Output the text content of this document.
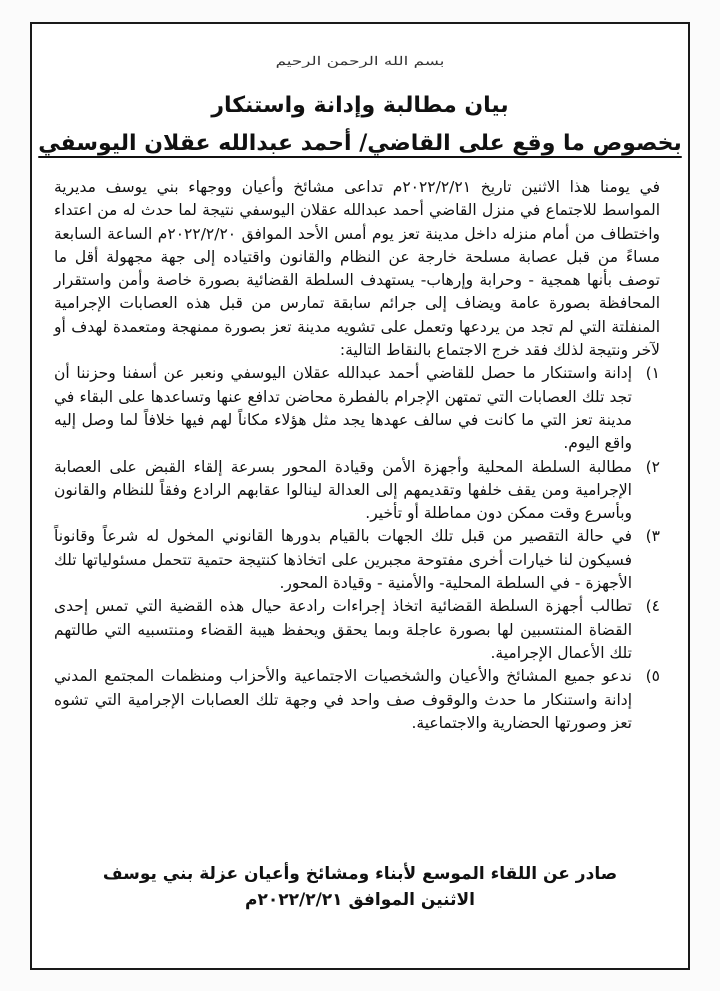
بسم الله الرحمن الرحيم
بيان مطالبة وإدانة واستنكار
بخصوص ما وقع على القاضي/ أحمد عبدالله عقلان اليوسفي

في يومنا هذا الاثنين تاريخ ٢٠٢٢/٢/٢١م تداعى مشائخ وأعيان ووجهاء بني يوسف مديرية المواسط للاجتماع في منزل القاضي أحمد عبدالله عقلان اليوسفي نتيجة لما حدث له من اعتداء واختطاف من أمام منزله داخل مدينة تعز يوم أمس الأحد الموافق ٢٠٢٢/٢/٢٠م الساعة السابعة مساءً من قبل عصابة مسلحة خارجة عن النظام والقانون واقتياده إلى جهة مجهولة أقل ما توصف بأنها همجية - وحرابة وإرهاب- يستهدف السلطة القضائية بصورة خاصة وأمن واستقرار المحافظة بصورة عامة ويضاف إلى جرائم سابقة تمارس من قبل هذه العصابات الإجرامية المنفلتة التي لم تجد من يردعها وتعمل على تشويه مدينة تعز بصورة ممنهجة ومتعمدة لهدف أو لآخر ونتيجة لذلك فقد خرج الاجتماع بالنقاط التالية:

١)
إدانة واستنكار ما حصل للقاضي أحمد عبدالله عقلان اليوسفي ونعبر عن أسفنا وحزننا أن تجد تلك العصابات التي تمتهن الإجرام بالفطرة محاضن تدافع عنها وتساعدها على البقاء في مدينة تعز التي ما كانت في سالف عهدها يجد مثل هؤلاء مكاناً لهم فيها خلافاً لما وصل إليه واقع اليوم.
٢)
مطالبة السلطة المحلية وأجهزة الأمن وقيادة المحور بسرعة إلقاء القبض على العصابة الإجرامية ومن يقف خلفها وتقديمهم إلى العدالة لينالوا عقابهم الرادع وفقاً للنظام والقانون وبأسرع وقت ممكن دون مماطلة أو تأخير.
٣)
في حالة التقصير من قبل تلك الجهات بالقيام بدورها القانوني المخول له شرعاً وقانوناً فسيكون لنا خيارات أخرى مفتوحة مجبرين على اتخاذها كنتيجة حتمية تتحمل مسئولياتها تلك الأجهزة - في السلطة المحلية- والأمنية - وقيادة المحور.
٤)
تطالب أجهزة السلطة القضائية اتخاذ إجراءات رادعة حيال هذه القضية التي تمس إحدى القضاة المنتسبين لها بصورة عاجلة وبما يحقق ويحفظ هيبة القضاء ومنتسبيه التي طالتهم تلك الأعمال الإجرامية.
٥)
ندعو جميع المشائخ والأعيان والشخصيات الاجتماعية والأحزاب ومنظمات المجتمع المدني إدانة واستنكار ما حدث والوقوف صف واحد في وجهة تلك العصابات الإجرامية التي تشوه تعز وصورتها الحضارية والاجتماعية.
صادر عن اللقاء الموسع لأبناء ومشائخ وأعيان عزلة بني يوسف
الاثنين الموافق ٢٠٢٢/٢/٢١م
